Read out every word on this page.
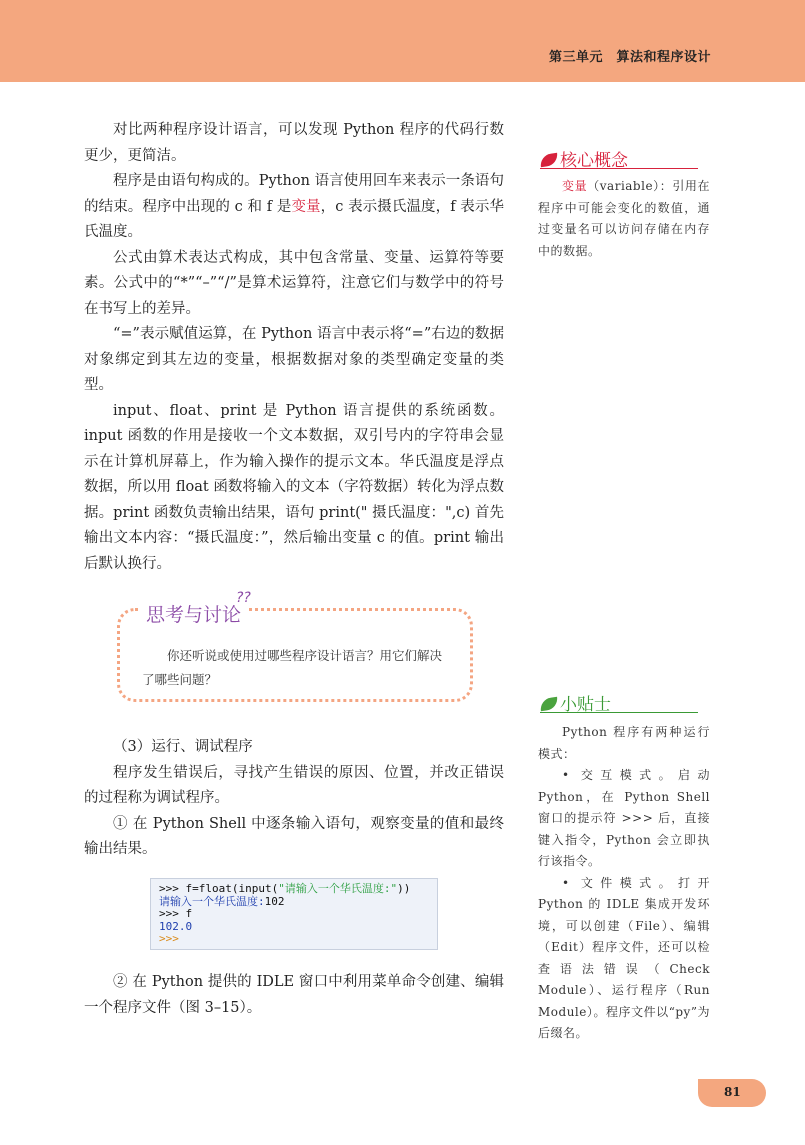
第三单元　算法和程序设计

对比两种程序设计语言，可以发现 Python 程序的代码行数更少，更简洁。

程序是由语句构成的。Python 语言使用回车来表示一条语句的结束。程序中出现的 c 和 f 是变量，c 表示摄氏温度，f 表示华氏温度。

公式由算术表达式构成，其中包含常量、变量、运算符等要素。公式中的“*”“–”“/”是算术运算符，注意它们与数学中的符号在书写上的差异。

“=”表示赋值运算，在 Python 语言中表示将“=”右边的数据对象绑定到其左边的变量，根据数据对象的类型确定变量的类型。

input、float、print 是 Python 语言提供的系统函数。input 函数的作用是接收一个文本数据，双引号内的字符串会显示在计算机屏幕上，作为输入操作的提示文本。华氏温度是浮点数据，所以用 float 函数将输入的文本（字符数据）转化为浮点数据。print 函数负责输出结果，语句 print(" 摄氏温度：",c) 首先输出文本内容：“摄氏温度：”，然后输出变量 c 的值。print 输出后默认换行。

思考与讨论
??
你还听说或使用过哪些程序设计语言？用它们解决了哪些问题？

（3）运行、调试程序

程序发生错误后，寻找产生错误的原因、位置，并改正错误的过程称为调试程序。

① 在 Python Shell 中逐条输入语句，观察变量的值和最终输出结果。

>>> f=float(input("请输入一个华氏温度:"))
请输入一个华氏温度:102
>>> f
102.0
>>>

② 在 Python 提供的 IDLE 窗口中利用菜单命令创建、编辑一个程序文件（图 3–15）。

核心概念

变量（variable）：引用在程序中可能会变化的数值，通过变量名可以访问存储在内存中的数据。

小贴士

Python 程序有两种运行模式：

• 交互模式。启动 Python，在 Python Shell 窗口的提示符 >>> 后，直接键入指令，Python 会立即执行该指令。

• 文件模式。打开 Python 的 IDLE 集成开发环境，可以创建（File）、编辑（Edit）程序文件，还可以检查语法错误（Check Module）、运行程序（Run Module）。程序文件以“py”为后缀名。

81
